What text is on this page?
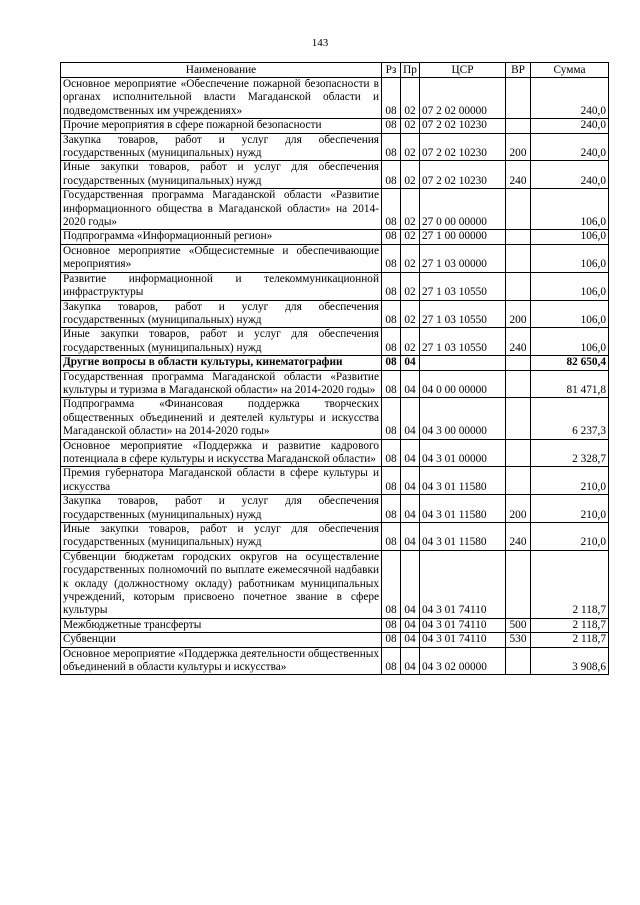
143
Наименование	Рз	Пр	ЦСР	ВР	Сумма
Основное мероприятие «Обеспечение пожарной безопасности в органах исполнительной власти Магаданской области и подведомственных им учреждениях»	08	02	07 2 02 00000		240,0
Прочие мероприятия в сфере пожарной безопасности	08	02	07 2 02 10230		240,0
Закупка товаров, работ и услуг для обеспечения государственных (муниципальных) нужд	08	02	07 2 02 10230	200	240,0
Иные закупки товаров, работ и услуг для обеспечения государственных (муниципальных) нужд	08	02	07 2 02 10230	240	240,0
Государственная программа Магаданской области «Развитие информационного общества в Магаданской области» на 2014-2020 годы»	08	02	27 0 00 00000		106,0
Подпрограмма «Информационный регион»	08	02	27 1 00 00000		106,0
Основное мероприятие «Общесистемные и обеспечивающие мероприятия»	08	02	27 1 03 00000		106,0
Развитие информационной и телекоммуникационной инфраструктуры	08	02	27 1 03 10550		106,0
Закупка товаров, работ и услуг для обеспечения государственных (муниципальных) нужд	08	02	27 1 03 10550	200	106,0
Иные закупки товаров, работ и услуг для обеспечения государственных (муниципальных) нужд	08	02	27 1 03 10550	240	106,0
Другие вопросы в области культуры, кинематографии	08	04			82 650,4
Государственная программа Магаданской области «Развитие культуры и туризма в Магаданской области» на 2014-2020 годы»	08	04	04 0 00 00000		81 471,8
Подпрограмма «Финансовая поддержка творческих общественных объединений и деятелей культуры и искусства Магаданской области» на 2014-2020 годы»	08	04	04 3 00 00000		6 237,3
Основное мероприятие «Поддержка и развитие кадрового потенциала в сфере культуры и искусства Магаданской области»	08	04	04 3 01 00000		2 328,7
Премия губернатора Магаданской области в сфере культуры и искусства	08	04	04 3 01 11580		210,0
Закупка товаров, работ и услуг для обеспечения государственных (муниципальных) нужд	08	04	04 3 01 11580	200	210,0
Иные закупки товаров, работ и услуг для обеспечения государственных (муниципальных) нужд	08	04	04 3 01 11580	240	210,0
Субвенции бюджетам городских округов на осуществление государственных полномочий по выплате ежемесячной надбавки к окладу (должностному окладу) работникам муниципальных учреждений, которым присвоено почетное звание в сфере культуры	08	04	04 3 01 74110		2 118,7
Межбюджетные трансферты	08	04	04 3 01 74110	500	2 118,7
Субвенции	08	04	04 3 01 74110	530	2 118,7
Основное мероприятие «Поддержка деятельности общественных объединений в области культуры и искусства»	08	04	04 3 02 00000		3 908,6
